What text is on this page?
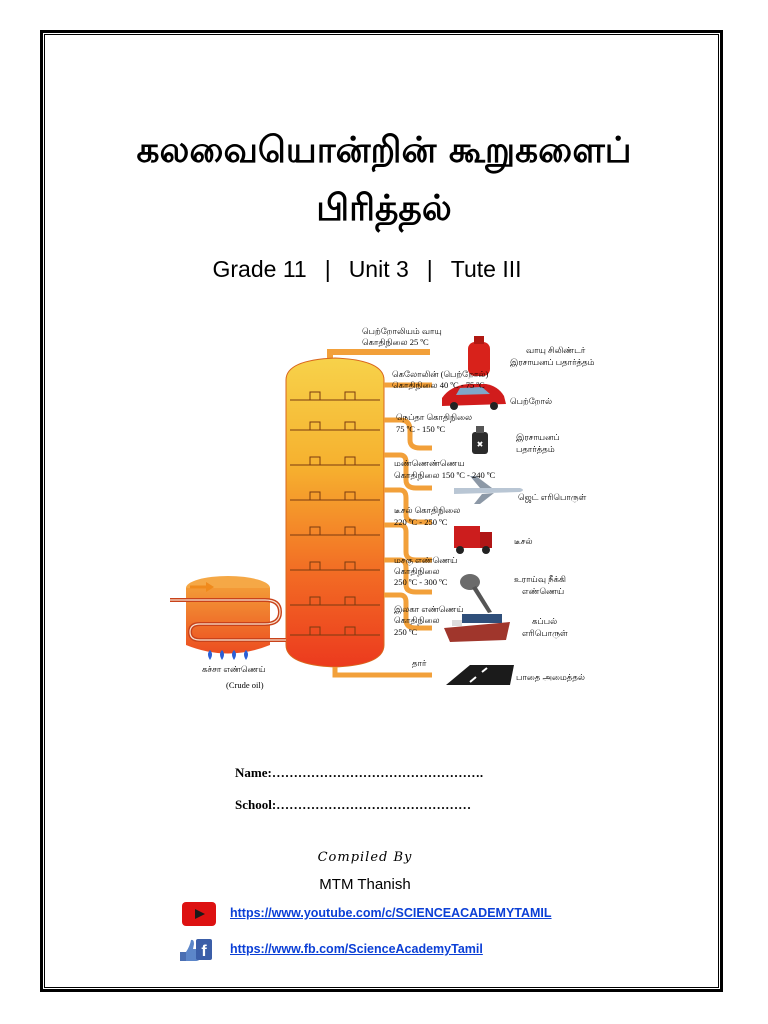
கலவையொன்றின் கூறுகளைப்
பிரித்தல்
Grade 11 | Unit 3 | Tute III
✖
பெற்றோலியம் வாயு
கொதிநிலை 25 ºC
கெலோலின் (பெற்றோல்)
கொதிநிலை 40 ºC - 75 ºC
நெப்தா கொதிநிலை
75 ºC - 150 ºC
மண்ணெண்ணெய
கொதிநிலை 150 ºC - 240 ºC
டீசல் கொதிநிலை
220 ºC - 250 ºC
மசகு எண்ணெய்
கொதிநிலை
250 ºC - 300 ºC
இலகா எண்ணெய்
கொதிநிலை
250 ºC
தார்
வாயு சிலிண்டர்
இரசாயனப் பதார்த்தம்
பெற்றோல்
இரசாயனப்
பதார்த்தம்
ஜெட் எரிபொருள்
டீசல்
உராய்வு நீக்கி
எண்ணெய்
கப்பல்
எரிபொருள்
பாதை அமைத்தல்
கச்சா எண்ணெய்
(Crude oil)
Name:………………………………………….
School:………………………………………
Compiled By
MTM Thanish
https://www.youtube.com/c/SCIENCEACADEMYTAMIL
f https://www.fb.com/ScienceAcademyTamil
